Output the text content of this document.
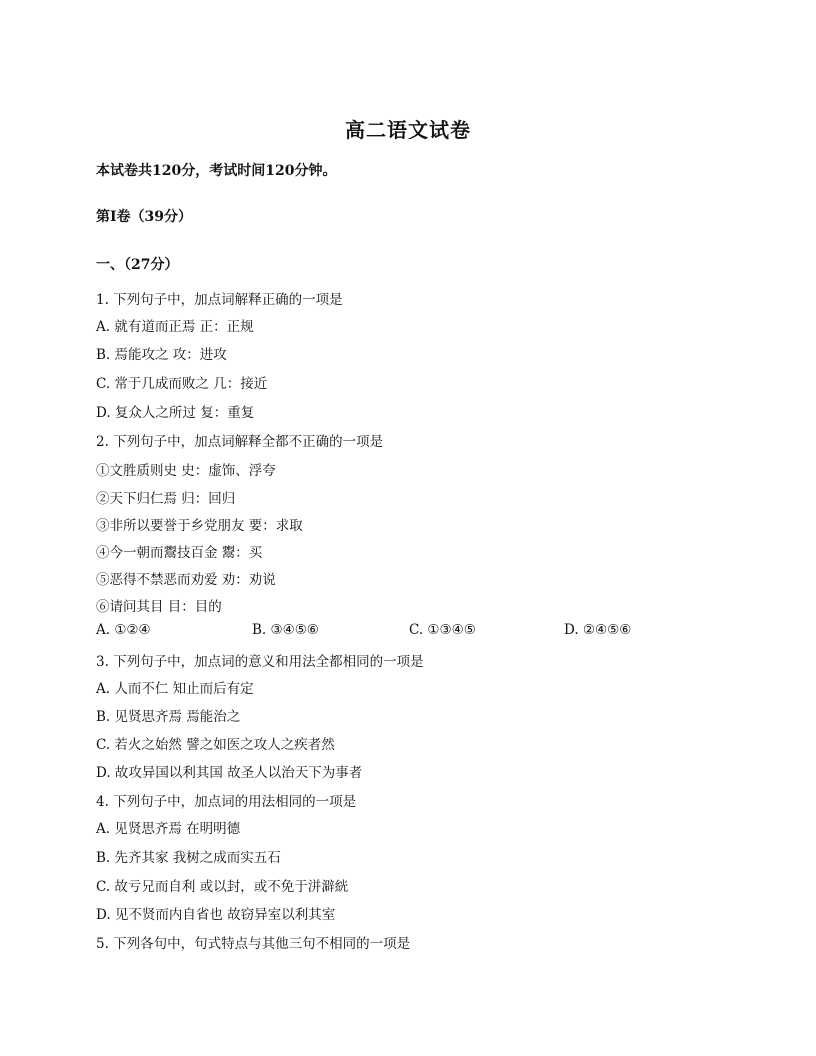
高二语文试卷
本试卷共120分，考试时间120分钟。
第Ⅰ卷（39分）
一、（27分）
1. 下列句子中，加点词解释正确的一项是
A. 就有道而正焉 正：正规
B. 焉能攻之 攻：进攻
C. 常于几成而败之 几：接近
D. 复众人之所过 复：重复
2. 下列句子中，加点词解释全都不正确的一项是
①文胜质则史 史：虚饰、浮夸
②天下归仁焉 归：回归
③非所以要誉于乡党朋友 要：求取
④今一朝而鬻技百金 鬻：买
⑤恶得不禁恶而劝爱 劝：劝说
⑥请问其目 目：目的
A. ①②④	B. ③④⑤⑥	C. ①③④⑤	D. ②④⑤⑥
3. 下列句子中，加点词的意义和用法全都相同的一项是
A. 人而不仁 知止而后有定
B. 见贤思齐焉 焉能治之
C. 若火之始然 譬之如医之攻人之疾者然
D. 故攻异国以利其国 故圣人以治天下为事者
4. 下列句子中，加点词的用法相同的一项是
A. 见贤思齐焉 在明明德
B. 先齐其家 我树之成而实五石
C. 故亏兄而自利 或以封，或不免于洴澼絖
D. 见不贤而内自省也 故窃异室以利其室
5. 下列各句中，句式特点与其他三句不相同的一项是
